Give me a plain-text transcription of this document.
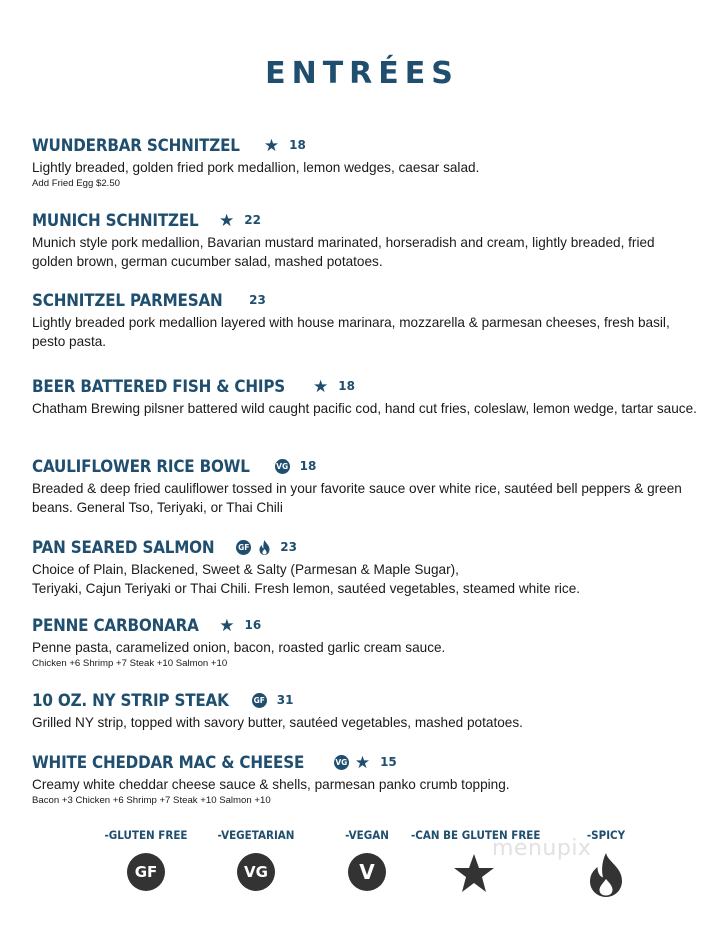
ENTRÉES
WUNDERBAR SCHNITZEL ★ 18
Lightly breaded, golden fried pork medallion, lemon wedges, caesar salad.
Add Fried Egg $2.50
MUNICH SCHNITZEL ★ 22
Munich style pork medallion, Bavarian mustard marinated, horseradish and cream, lightly breaded, fried golden brown, german cucumber salad, mashed potatoes.
SCHNITZEL PARMESAN 23
Lightly breaded pork medallion layered with house marinara, mozzarella & parmesan cheeses, fresh basil, pesto pasta.
BEER BATTERED FISH & CHIPS ★ 18
Chatham Brewing pilsner battered wild caught pacific cod, hand cut fries, coleslaw, lemon wedge, tartar sauce.
CAULIFLOWER RICE BOWL	VG 18
Breaded & deep fried cauliflower tossed in your favorite sauce over white rice, sautéed bell peppers & green beans. General Tso, Teriyaki, or Thai Chili
PAN SEARED SALMON	GF	23
Choice of Plain, Blackened, Sweet & Salty (Parmesan & Maple Sugar),
Teriyaki, Cajun Teriyaki or Thai Chili. Fresh lemon, sautéed vegetables, steamed white rice.
PENNE CARBONARA ★ 16
Penne pasta, caramelized onion, bacon, roasted garlic cream sauce.
Chicken +6 Shrimp +7 Steak +10 Salmon +10
10 OZ. NY STRIP STEAK	GF 31
Grilled NY strip, topped with savory butter, sautéed vegetables, mashed potatoes.
WHITE CHEDDAR MAC & CHEESE	VG ★ 15
Creamy white cheddar cheese sauce & shells, parmesan panko crumb topping.
Bacon +3 Chicken +6 Shrimp +7 Steak +10 Salmon +10
-GLUTEN FREE
GF
-VEGETARIAN
VG
-VEGAN
V
-CAN BE GLUTEN FREE	-SPICY
menupix
